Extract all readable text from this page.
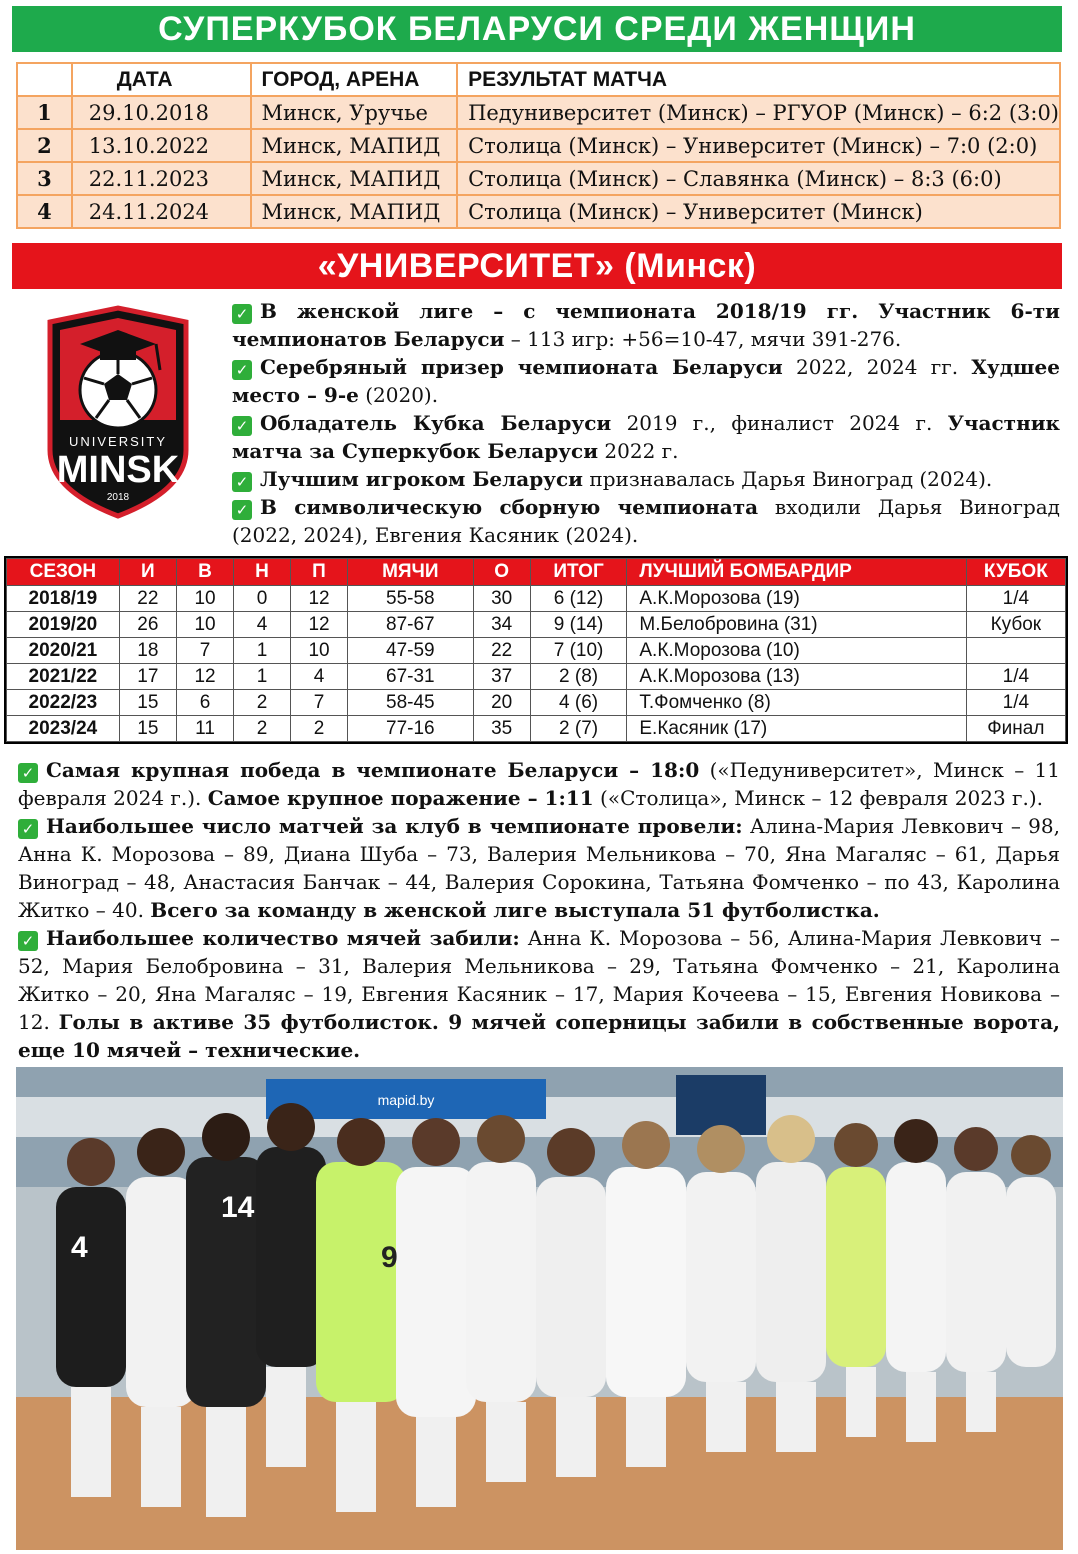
СУПЕРКУБОК БЕЛАРУСИ СРЕДИ ЖЕНЩИН
	ДАТА	ГОРОД, АРЕНА	РЕЗУЛЬТАТ МАТЧА
1	29.10.2018	Минск, Уручье	Педуниверситет (Минск) – РГУОР (Минск) – 6:2 (3:0)
2	13.10.2022	Минск, МАПИД	Столица (Минск) – Университет (Минск) – 7:0 (2:0)
3	22.11.2023	Минск, МАПИД	Столица (Минск) – Славянка (Минск) – 8:3 (6:0)
4	24.11.2024	Минск, МАПИД	Столица (Минск) – Университет (Минск)
«УНИВЕРСИТЕТ» (Минск)
UNIVERSITY
MINSK
2018

✓ В женской лиге – с чемпионата 2018/19 гг. Участник 6-ти чемпионатов Беларуси – 113 игр: +56=10-47, мячи 391-276.

✓ Серебряный призер чемпионата Беларуси 2022, 2024 гг. Худшее место – 9-е (2020).

✓ Обладатель Кубка Беларуси 2019 г., финалист 2024 г. Участник матча за Суперкубок Беларуси 2022 г.

✓ Лучшим игроком Беларуси признавалась Дарья Виноград (2024).

✓ В символическую сборную чемпионата входили Дарья Виноград (2022, 2024), Евгения Касяник (2024).

СЕЗОН	И	В	Н	П	МЯЧИ	О	ИТОГ	ЛУЧШИЙ БОМБАРДИР	КУБОК
2018/19	22	10	0	12	55-58	30	6 (12)	А.К.Морозова (19)	1/4
2019/20	26	10	4	12	87-67	34	9 (14)	М.Белобровина (31)	Кубок
2020/21	18	7	1	10	47-59	22	7 (10)	А.К.Морозова (10)	
2021/22	17	12	1	4	67-31	37	2 (8)	А.К.Морозова (13)	1/4
2022/23	15	6	2	7	58-45	20	4 (6)	Т.Фомченко (8)	1/4
2023/24	15	11	2	2	77-16	35	2 (7)	Е.Касяник (17)	Финал

✓ Самая крупная победа в чемпионате Беларуси – 18:0 («Педуниверситет», Минск – 11 февраля 2024 г.). Самое крупное поражение – 1:11 («Столица», Минск – 12 февраля 2023 г.).

✓ Наибольшее число матчей за клуб в чемпионате провели: Алина-Мария Левкович – 98, Анна К. Морозова – 89, Диана Шуба – 73, Валерия Мельникова – 70, Яна Магаляс – 61, Дарья Виноград – 48, Анастасия Банчак – 44, Валерия Сорокина, Татьяна Фомченко – по 43, Каролина Житко – 40. Всего за команду в женской лиге выступала 51 футболистка.

✓ Наибольшее количество мячей забили: Анна К. Морозова – 56, Алина-Мария Левкович – 52, Мария Белобровина – 31, Валерия Мельникова – 29, Татьяна Фомченко – 21, Каролина Житко – 20, Яна Магаляс – 19, Евгения Касяник – 17, Мария Кочеева – 15, Евгения Новикова – 12. Голы в активе 35 футболисток. 9 мячей соперницы забили в собственные ворота, еще 10 мячей – технические.

mapid.by
4
14
9
